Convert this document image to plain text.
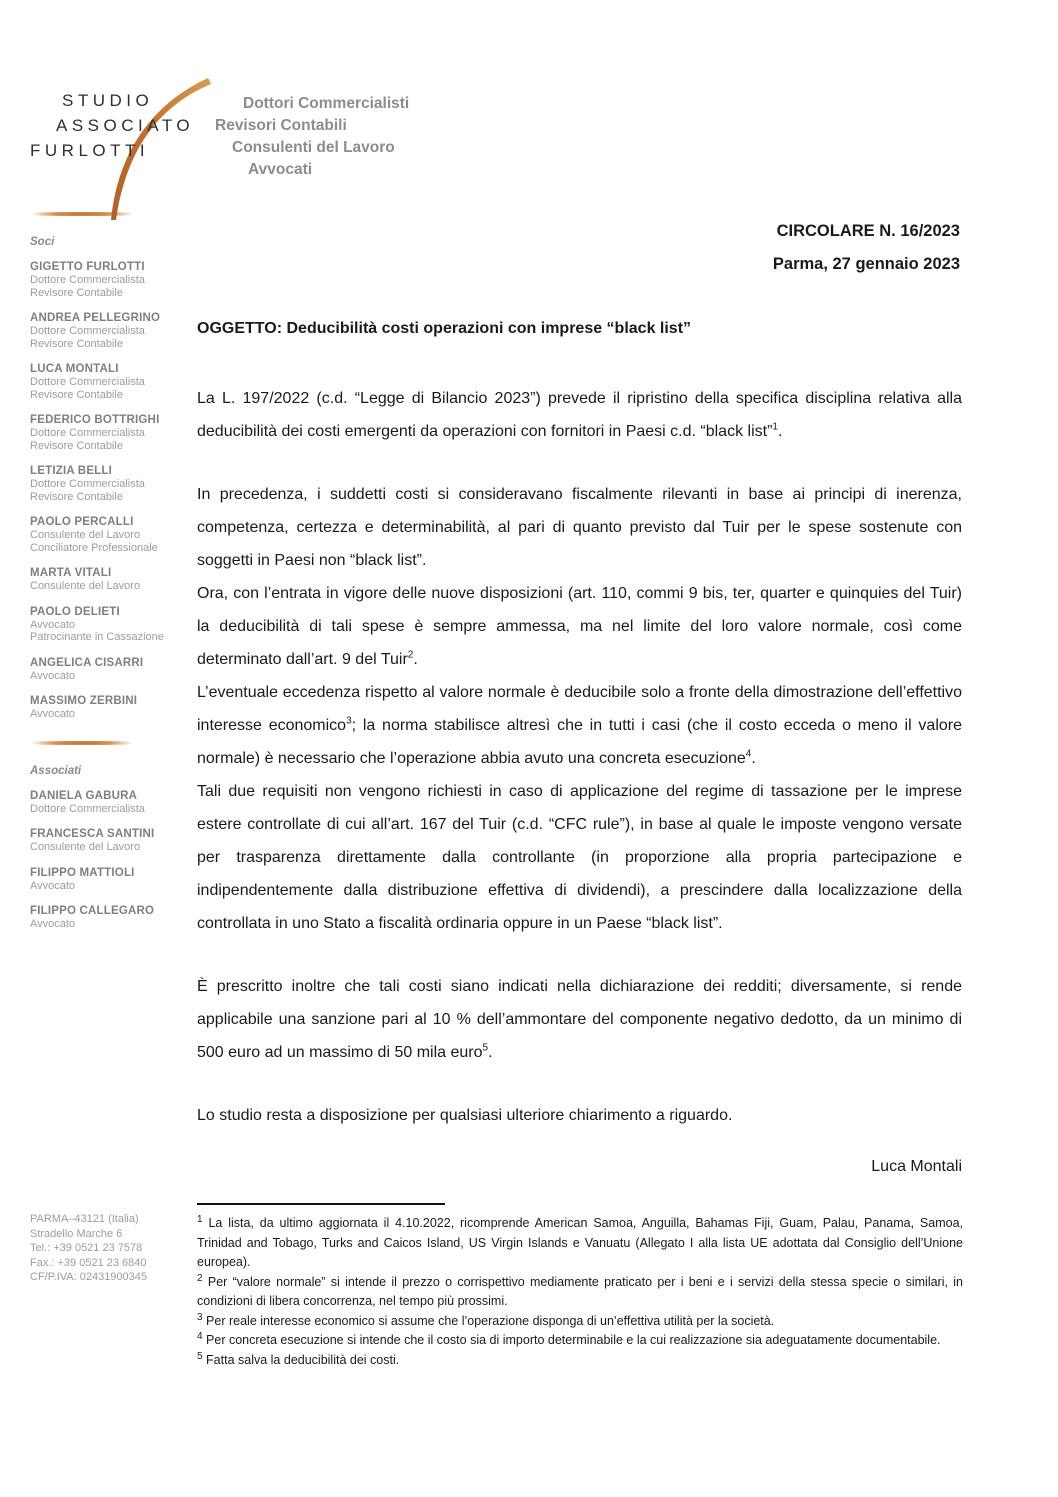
STUDIO
ASSOCIATO
FURLOTTI
Dottori Commercialisti
Revisori Contabili
Consulenti del Lavoro
Avvocati
CIRCOLARE N. 16/2023
Parma, 27 gennaio 2023
Soci
GIGETTO FURLOTTI
Dottore Commercialista
Revisore Contabile
ANDREA PELLEGRINO
Dottore Commercialista
Revisore Contabile
LUCA MONTALI
Dottore Commercialista
Revisore Contabile
FEDERICO BOTTRIGHI
Dottore Commercialista
Revisore Contabile
LETIZIA BELLI
Dottore Commercialista
Revisore Contabile
PAOLO PERCALLI
Consulente del Lavoro
Conciliatore Professionale
MARTA VITALI
Consulente del Lavoro
PAOLO DELIETI
Avvocato
Patrocinante in Cassazione
ANGELICA CISARRI
Avvocato
MASSIMO ZERBINI
Avvocato
Associati
DANIELA GABURA
Dottore Commercialista
FRANCESCA SANTINI
Consulente del Lavoro
FILIPPO MATTIOLI
Avvocato
FILIPPO CALLEGARO
Avvocato
PARMA–43121 (Italia)
Stradello Marche 6
Tel.: +39 0521 23 7578
Fax.: +39 0521 23 6840
CF/P.IVA: 02431900345
OGGETTO: Deducibilità costi operazioni con imprese “black list”

La L. 197/2022 (c.d. “Legge di Bilancio 2023”) prevede il ripristino della specifica disciplina relativa alla deducibilità dei costi emergenti da operazioni con fornitori in Paesi c.d. “black list”$^1$.

In precedenza, i suddetti costi si consideravano fiscalmente rilevanti in base ai principi di inerenza, competenza, certezza e determinabilità, al pari di quanto previsto dal Tuir per le spese sostenute con soggetti in Paesi non “black list”.

Ora, con l’entrata in vigore delle nuove disposizioni (art. 110, commi 9 bis, ter, quarter e quinquies del Tuir) la deducibilità di tali spese è sempre ammessa, ma nel limite del loro valore normale, così come determinato dall’art. 9 del Tuir$^2$.

L’eventuale eccedenza rispetto al valore normale è deducibile solo a fronte della dimostrazione dell’effettivo interesse economico$^3$; la norma stabilisce altresì che in tutti i casi (che il costo ecceda o meno il valore normale) è necessario che l’operazione abbia avuto una concreta esecuzione$^4$.

Tali due requisiti non vengono richiesti in caso di applicazione del regime di tassazione per le imprese estere controllate di cui all’art. 167 del Tuir (c.d. “CFC rule”), in base al quale le imposte vengono versate per trasparenza direttamente dalla controllante (in proporzione alla propria partecipazione e indipendentemente dalla distribuzione effettiva di dividendi), a prescindere dalla localizzazione della controllata in uno Stato a fiscalità ordinaria oppure in un Paese “black list”.

È prescritto inoltre che tali costi siano indicati nella dichiarazione dei redditi; diversamente, si rende applicabile una sanzione pari al 10 % dell’ammontare del componente negativo dedotto, da un minimo di 500 euro ad un massimo di 50 mila euro$^5$.

Lo studio resta a disposizione per qualsiasi ulteriore chiarimento a riguardo.

Luca Montali
$^1$ La lista, da ultimo aggiornata il 4.10.2022, ricomprende American Samoa, Anguilla, Bahamas Fiji, Guam, Palau, Panama, Samoa, Trinidad and Tobago, Turks and Caicos Island, US Virgin Islands e Vanuatu (Allegato I alla lista UE adottata dal Consiglio dell’Unione europea).
$^2$ Per “valore normale” si intende il prezzo o corrispettivo mediamente praticato per i beni e i servizi della stessa specie o similari, in condizioni di libera concorrenza, nel tempo più prossimi.
$^3$ Per reale interesse economico si assume che l’operazione disponga di un’effettiva utilità per la società.
$^4$ Per concreta esecuzione si intende che il costo sia di importo determinabile e la cui realizzazione sia adeguatamente documentabile.
$^5$ Fatta salva la deducibilità dei costi.
